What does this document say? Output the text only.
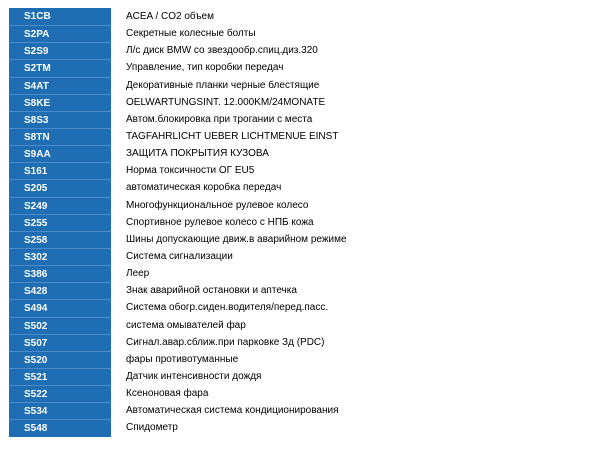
S1CB	ACEA / CO2 объем
S2PA	Секретные колесные болты
S2S9	Л/с диск BMW со звездообр.спиц.диз.320
S2TM	Управление, тип коробки передач
S4AT	Декоративные планки черные блестящие
S8KE	OELWARTUNGSINT. 12.000KM/24MONATE
S8S3	Автом.блокировка при трогании с места
S8TN	TAGFAHRLICHT UEBER LICHTMENUE EINST
S9AA	ЗАЩИТА ПОКРЫТИЯ КУЗОВА
S161	Норма токсичности ОГ EU5
S205	автоматическая коробка передач
S249	Многофункциональное рулевое колесо
S255	Спортивное рулевое колесо с НПБ кожа
S258	Шины допускающие движ.в аварийном режиме
S302	Система сигнализации
S386	Леер
S428	Знак аварийной остановки и аптечка
S494	Система обогр.сиден.водителя/перед.пасс.
S502	система омывателей фар
S507	Сигнал.авар.сближ.при парковке Зд (PDC)
S520	фары противотуманные
S521	Датчик интенсивности дождя
S522	Ксеноновая фара
S534	Автоматическая система кондиционирования
S548	Спидометр
